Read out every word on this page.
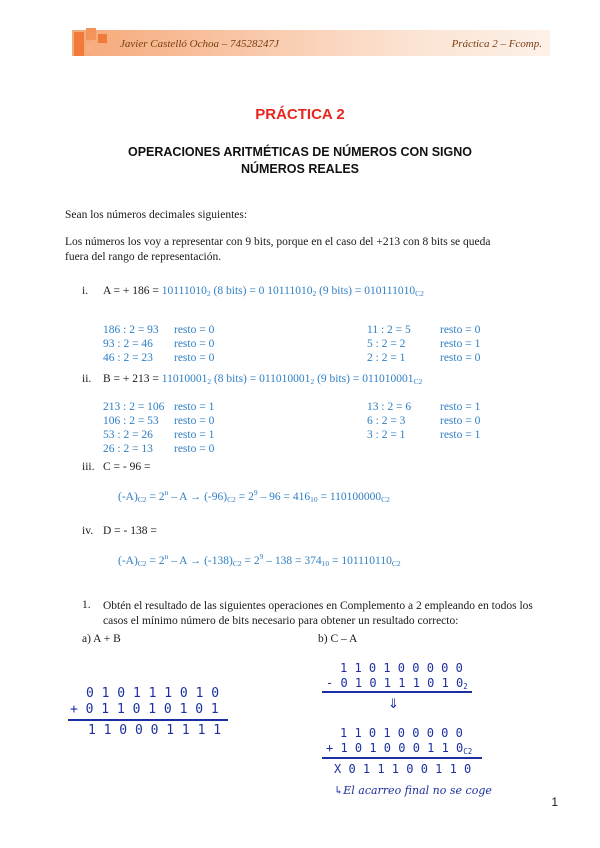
Javier Castelló Ochoa – 74528247J	Práctica 2 – Fcomp.
PRÁCTICA 2
OPERACIONES ARITMÉTICAS DE NÚMEROS CON SIGNO
NÚMEROS REALES
Sean los números decimales siguientes:
Los números los voy a representar con 9 bits, porque en el caso del +213 con 8 bits se queda
fuera del rango de representación.
i. A = + $186 = 10111010_2$ (8 bits) = 0 $10111010_2$ (9 bits) = $010111010_{C2}$
186 : 2 = 93 resto = 0
93 : 2 = 46 resto = 0
46 : 2 = 23 resto = 0
11 : 2 = 5	resto = 0
5 : 2 = 2	resto = 1
2 : 2 = 1	resto = 0
ii. B = + $213 = 11010001_2$ (8 bits) = $011010001_2$ (9 bits) = $011010001_{C2}$
213 : 2 = 106 resto = 1
106 : 2 = 53 resto = 0
53 : 2 = 26 resto = 1
26 : 2 = 13 resto = 0
13 : 2 = 6	resto = 1
6 : 2 = 3	resto = 0
3 : 2 = 1	resto = 1
iii. C = - 96 =
$(-A)_{C2} = 2^n - A \to (-96)_{C2} = 2^9 - 96 = 416_{10} = 110100000_{C2}$
iv. D = - 138 =
$(-A)_{C2} = 2^n - A \to (-138)_{C2} = 2^9 - 138 = 374_{10} = 101110110_{C2}$
1. Obtén el resultado de las siguientes operaciones en Complemento a 2 empleando en todos los
casos el mínimo número de bits necesario para obtener un resultado correcto:
a) A + B	b) C – A
0 1 0 1 1 1 0 1 0
+ 0 1 1 0 1 0 1 0 1
1 1 0 0 0 1 1 1 1
1 1 0 1 0 0 0 0 0
- 0 1 0 1 1 1 0 1 $0_2$
⇓
1 1 0 1 0 0 0 0 0
+ 1 0 1 0 0 0 1 1 $0_{C2}$
X 0 1 1 1 0 0 1 1 0
↳El acarreo final no se coge
1
